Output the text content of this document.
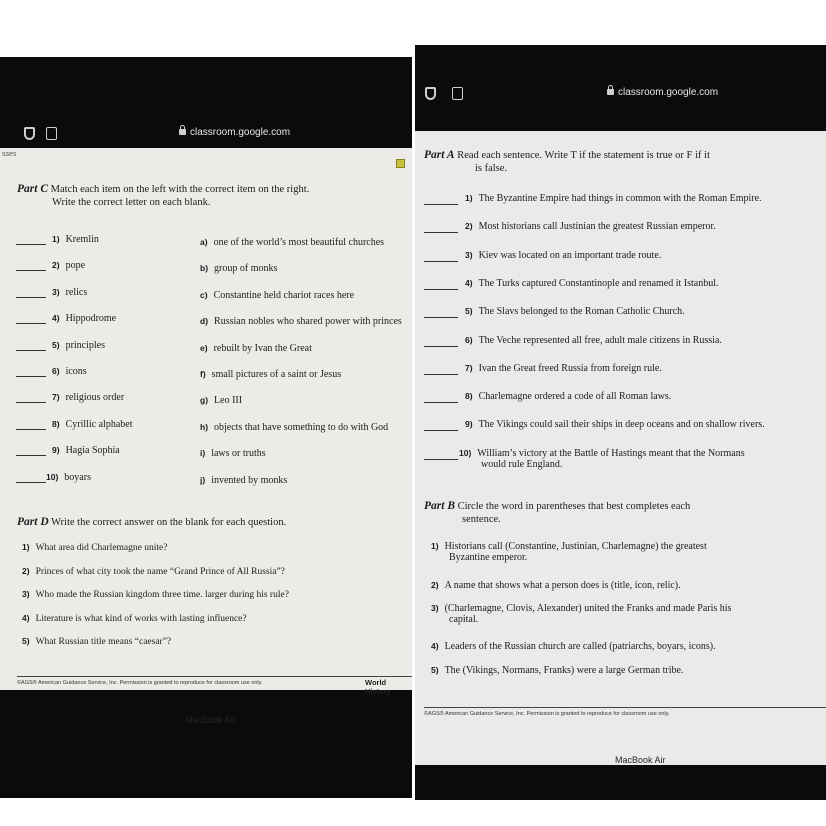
classroom.google.com
sses
Part C Match each item on the left with the correct item on the right.
Write the correct letter on each blank.
1) Kremlin	a) one of the world’s most beautiful churches
2) pope	b) group of monks
3) relics	c) Constantine held chariot races here
4) Hippodrome	d) Russian nobles who shared power with princes
5) principles	e) rebuilt by Ivan the Great
6) icons	f) small pictures of a saint or Jesus
7) religious order	g) Leo III
8) Cyrillic alphabet	h) objects that have something to do with God
9) Hagia Sophia	i) laws or truths
10) boyars	j) invented by monks
Part D Write the correct answer on the blank for each question.
1) What area did Charlemagne unite?
2) Princes of what city took the name “Grand Prince of All Russia”?
3) Who made the Russian kingdom three time. larger during his rule?
4) Literature is what kind of works with lasting influence?
5) What Russian title means “caesar”?
©AGS® American Guidance Service, Inc. Permission is granted to reproduce for classroom use only.	World History
MacBook Air
classroom.google.com
Part A Read each sentence. Write T if the statement is true or F if it
is false.
1) The Byzantine Empire had things in common with the Roman Empire.
2) Most historians call Justinian the greatest Russian emperor.
3) Kiev was located on an important trade route.
4) The Turks captured Constantinople and renamed it Istanbul.
5) The Slavs belonged to the Roman Catholic Church.
6) The Veche represented all free, adult male citizens in Russia.
7) Ivan the Great freed Russia from foreign rule.
8) Charlemagne ordered a code of all Roman laws.
9) The Vikings could sail their ships in deep oceans and on shallow rivers.
10) William’s victory at the Battle of Hastings meant that the Normans
would rule England.
Part B Circle the word in parentheses that best completes each
sentence.
1) Historians call (Constantine, Justinian, Charlemagne) the greatest
Byzantine emperor.
2) A name that shows what a person does is (title, icon, relic).
3) (Charlemagne, Clovis, Alexander) united the Franks and made Paris his
capital.
4) Leaders of the Russian church are called (patriarchs, boyars, icons).
5) The (Vikings, Normans, Franks) were a large German tribe.
©AGS® American Guidance Service, Inc. Permission is granted to reproduce for classroom use only.
MacBook Air
